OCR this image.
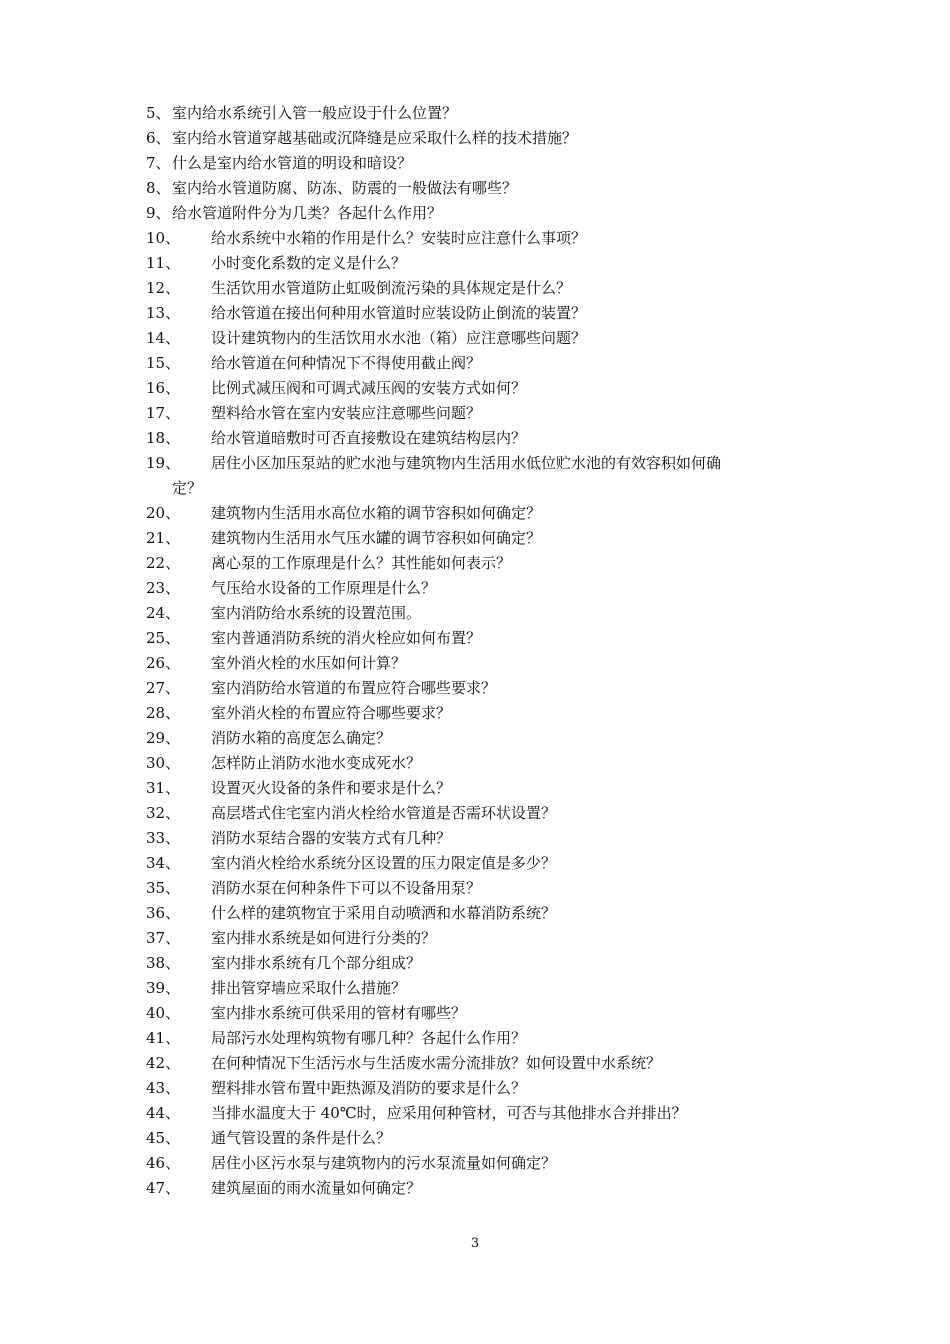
5、室内给水系统引入管一般应设于什么位置？
6、室内给水管道穿越基础或沉降缝是应采取什么样的技术措施？
7、什么是室内给水管道的明设和暗设？
8、室内给水管道防腐、防冻、防震的一般做法有哪些？
9、给水管道附件分为几类？各起什么作用？
10、 给水系统中水箱的作用是什么？安装时应注意什么事项？
11、 小时变化系数的定义是什么？
12、 生活饮用水管道防止虹吸倒流污染的具体规定是什么？
13、 给水管道在接出何种用水管道时应装设防止倒流的装置？
14、 设计建筑物内的生活饮用水水池（箱）应注意哪些问题？
15、 给水管道在何种情况下不得使用截止阀？
16、 比例式减压阀和可调式减压阀的安装方式如何？
17、 塑料给水管在室内安装应注意哪些问题？
18、 给水管道暗敷时可否直接敷设在建筑结构层内？
19、 居住小区加压泵站的贮水池与建筑物内生活用水低位贮水池的有效容积如何确
定？
20、 建筑物内生活用水高位水箱的调节容积如何确定？
21、 建筑物内生活用水气压水罐的调节容积如何确定？
22、 离心泵的工作原理是什么？其性能如何表示？
23、 气压给水设备的工作原理是什么？
24、 室内消防给水系统的设置范围。
25、 室内普通消防系统的消火栓应如何布置？
26、 室外消火栓的水压如何计算？
27、 室内消防给水管道的布置应符合哪些要求？
28、 室外消火栓的布置应符合哪些要求？
29、 消防水箱的高度怎么确定？
30、 怎样防止消防水池水变成死水？
31、 设置灭火设备的条件和要求是什么？
32、 高层塔式住宅室内消火栓给水管道是否需环状设置？
33、 消防水泵结合器的安装方式有几种？
34、 室内消火栓给水系统分区设置的压力限定值是多少？
35、 消防水泵在何种条件下可以不设备用泵？
36、 什么样的建筑物宜于采用自动喷洒和水幕消防系统？
37、 室内排水系统是如何进行分类的？
38、 室内排水系统有几个部分组成？
39、 排出管穿墙应采取什么措施？
40、 室内排水系统可供采用的管材有哪些？
41、 局部污水处理构筑物有哪几种？各起什么作用？
42、 在何种情况下生活污水与生活废水需分流排放？如何设置中水系统？
43、 塑料排水管布置中距热源及消防的要求是什么？
44、 当排水温度大于 40℃时，应采用何种管材，可否与其他排水合并排出？
45、 通气管设置的条件是什么？
46、 居住小区污水泵与建筑物内的污水泵流量如何确定？
47、 建筑屋面的雨水流量如何确定？
3
